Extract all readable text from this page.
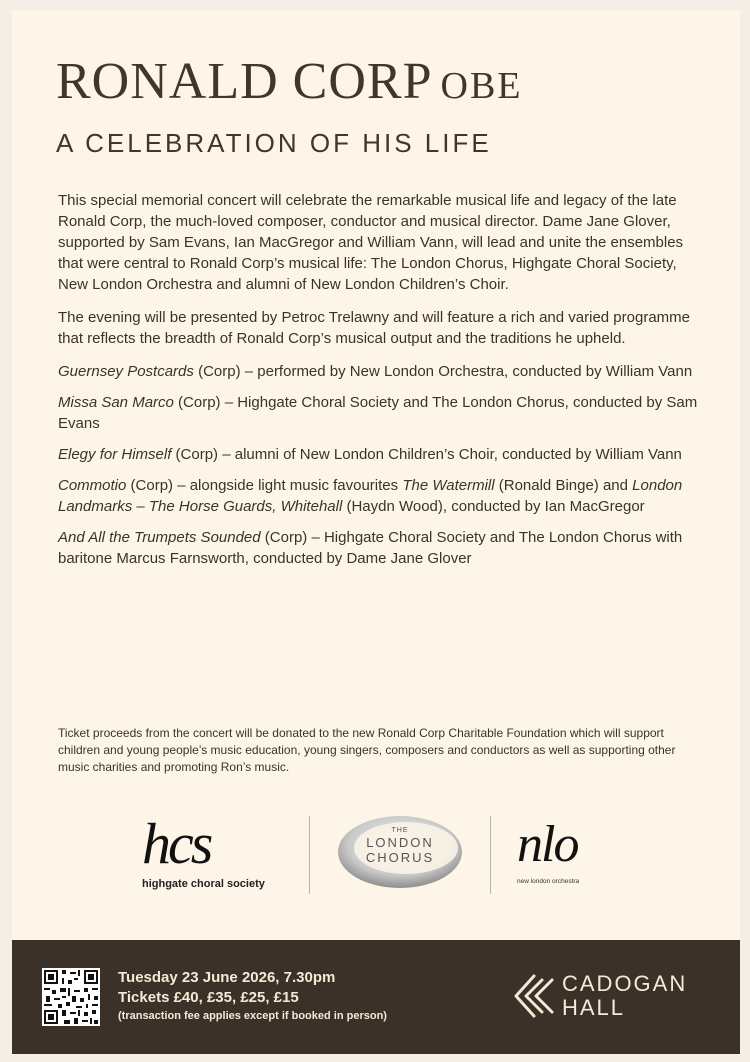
RONALD CORP OBE
A CELEBRATION OF HIS LIFE

This special memorial concert will celebrate the remarkable musical life and legacy of the late Ronald Corp, the much-loved composer, conductor and musical director. Dame Jane Glover, supported by Sam Evans, Ian MacGregor and William Vann, will lead and unite the ensembles that were central to Ronald Corp’s musical life: The London Chorus, Highgate Choral Society, New London Orchestra and alumni of New London Children’s Choir.

The evening will be presented by Petroc Trelawny and will feature a rich and varied programme that reflects the breadth of Ronald Corp’s musical output and the traditions he upheld.

Guernsey Postcards (Corp) – performed by New London Orchestra, conducted by William Vann

Missa San Marco (Corp) – Highgate Choral Society and The London Chorus, conducted by Sam Evans

Elegy for Himself (Corp) – alumni of New London Children’s Choir, conducted by William Vann

Commotio (Corp) – alongside light music favourites The Watermill (Ronald Binge) and London Landmarks – The Horse Guards, Whitehall (Haydn Wood), conducted by Ian MacGregor

And All the Trumpets Sounded (Corp) – Highgate Choral Society and The London Chorus with baritone Marcus Farnsworth, conducted by Dame Jane Glover

Ticket proceeds from the concert will be donated to the new Ronald Corp Charitable Foundation which will support children and young people’s music education, young singers, composers and conductors as well as supporting other music charities and promoting Ron’s music.

hcs
highgate choral society
THE
LONDON
CHORUS	nlo
new london orchestra
Tuesday 23 June 2026, 7.30pm
Tickets £40, £35, £25, £15
(transaction fee applies except if booked in person)
CADOGAN
HALL
